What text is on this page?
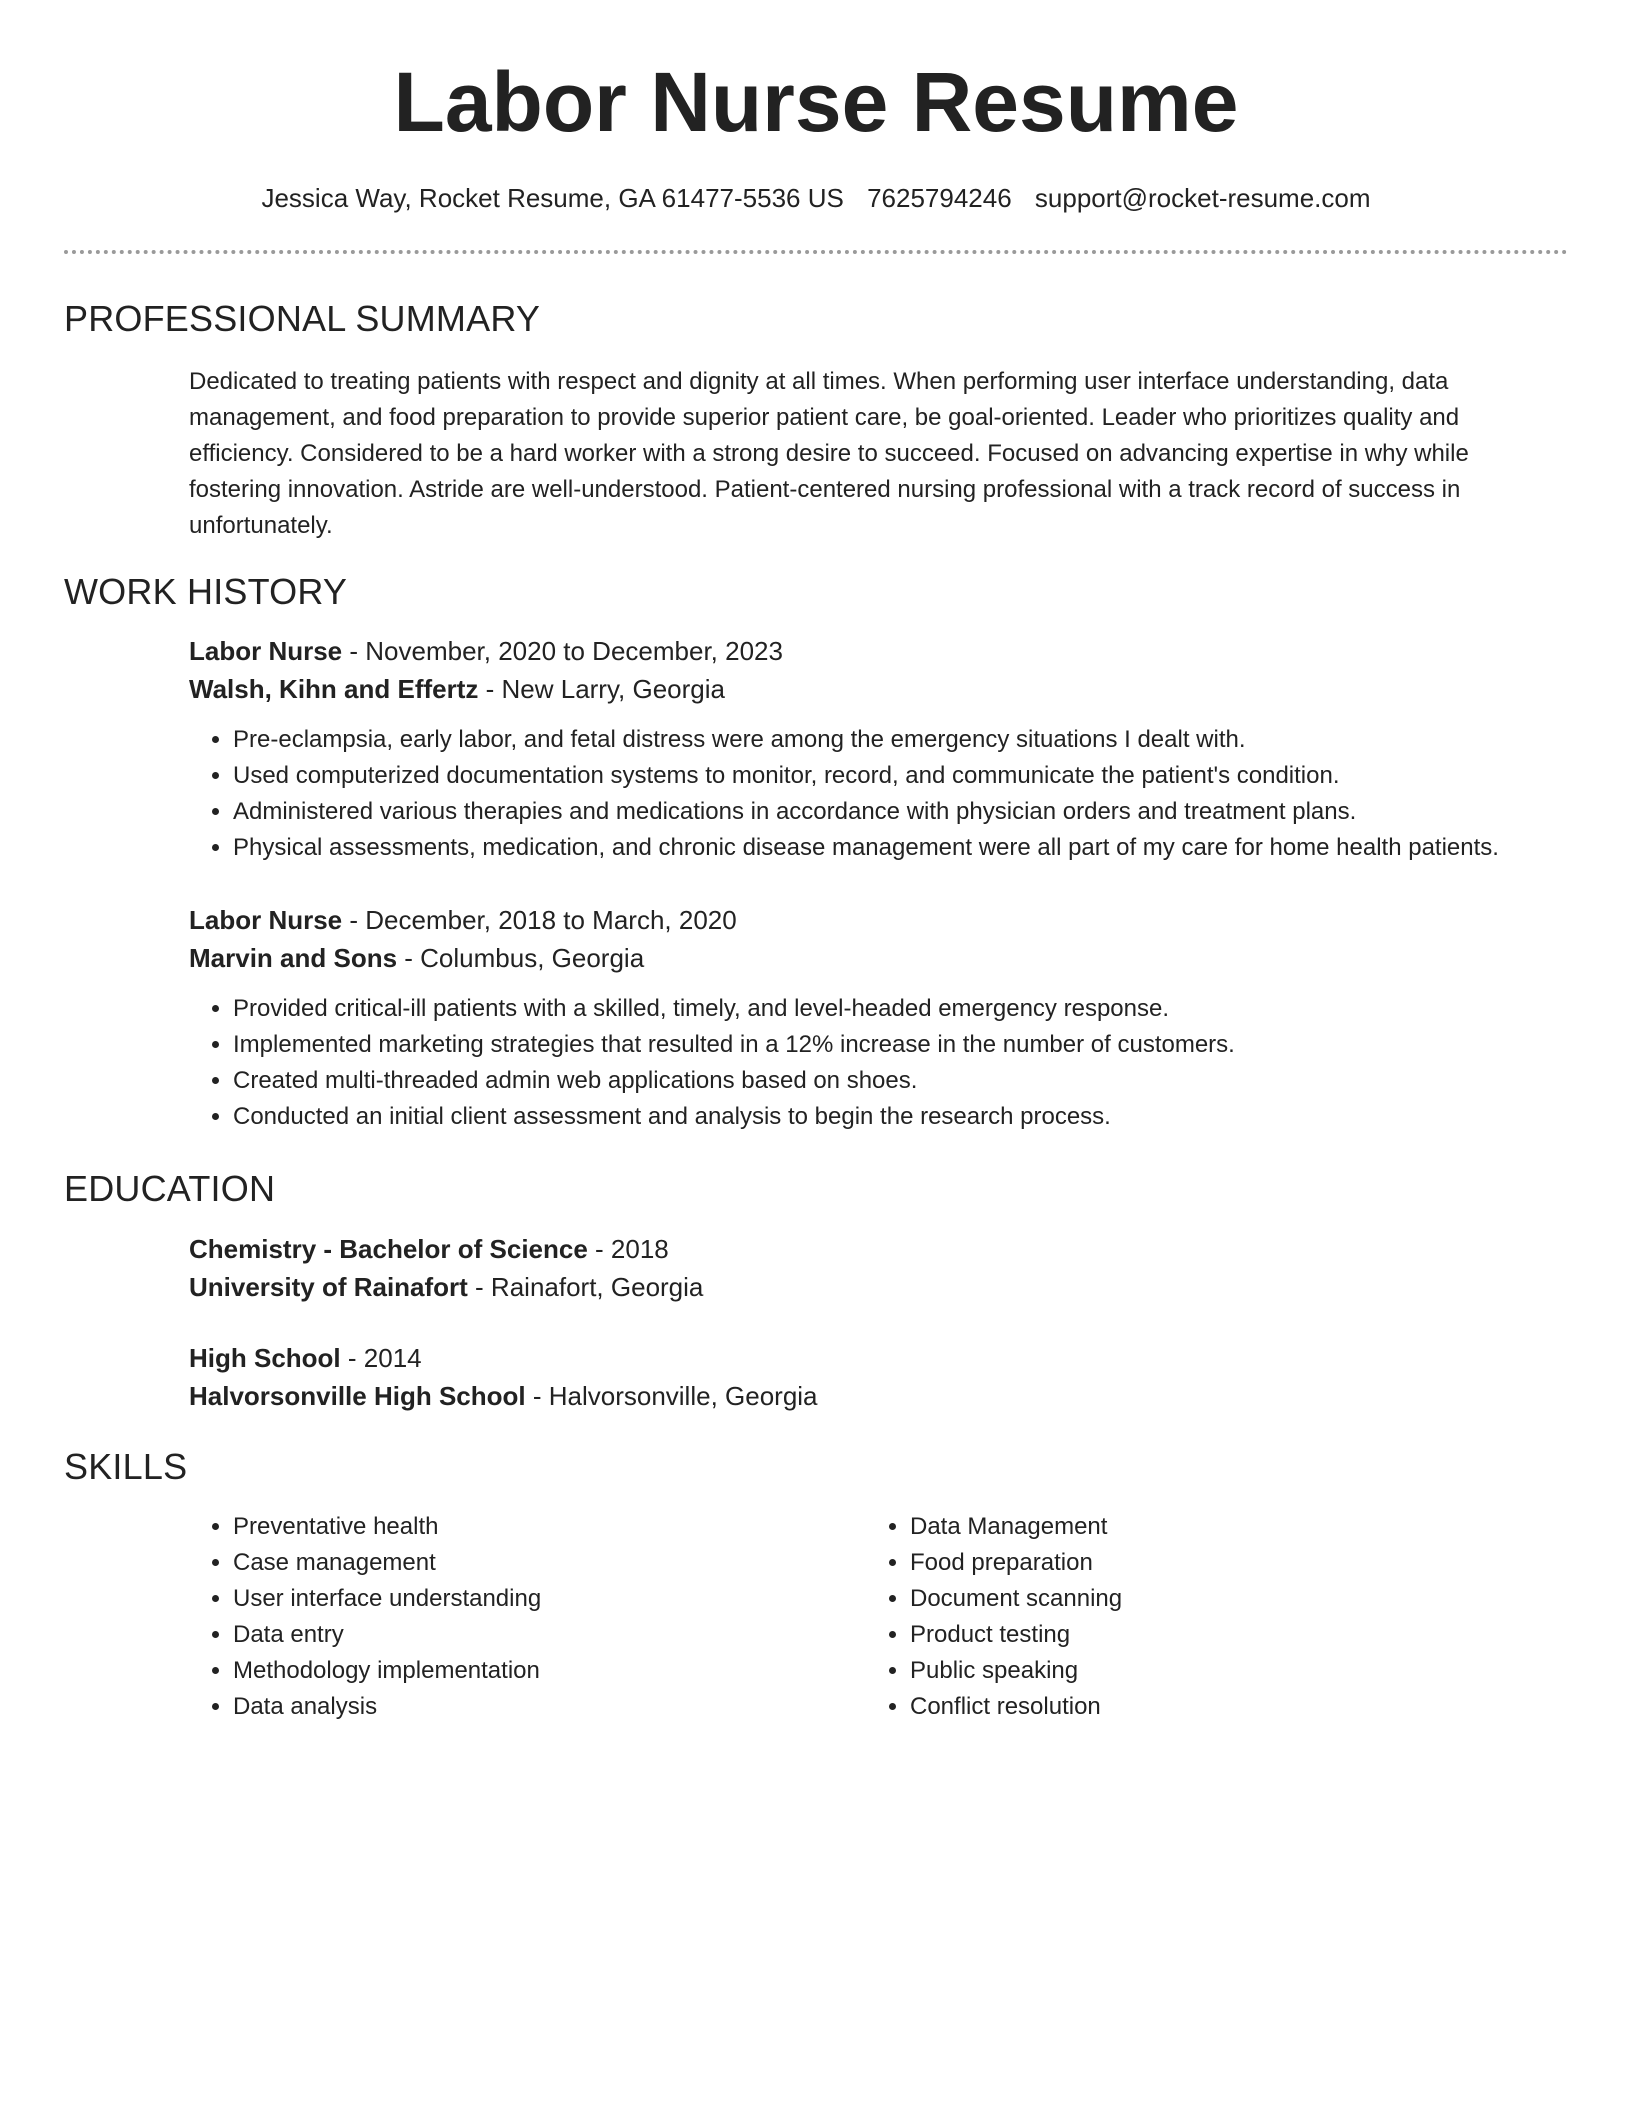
Labor Nurse Resume
Jessica Way, Rocket Resume, GA 61477-5536 US 7625794246 support@rocket-resume.com
PROFESSIONAL SUMMARY

Dedicated to treating patients with respect and dignity at all times. When performing user interface understanding, data management, and food preparation to provide superior patient care, be goal-oriented. Leader who prioritizes quality and efficiency. Considered to be a hard worker with a strong desire to succeed. Focused on advancing expertise in why while fostering innovation. Astride are well-understood. Patient-centered nursing professional with a track record of success in unfortunately.

WORK HISTORY

Labor Nurse - November, 2020 to December, 2023

Walsh, Kihn and Effertz - New Larry, Georgia

• Pre-eclampsia, early labor, and fetal distress were among the emergency situations I dealt with.
• Used computerized documentation systems to monitor, record, and communicate the patient's condition.
• Administered various therapies and medications in accordance with physician orders and treatment plans.
• Physical assessments, medication, and chronic disease management were all part of my care for home health patients.

Labor Nurse - December, 2018 to March, 2020

Marvin and Sons - Columbus, Georgia

• Provided critical-ill patients with a skilled, timely, and level-headed emergency response.
• Implemented marketing strategies that resulted in a 12% increase in the number of customers.
• Created multi-threaded admin web applications based on shoes.
• Conducted an initial client assessment and analysis to begin the research process.
EDUCATION

Chemistry - Bachelor of Science - 2018

University of Rainafort - Rainafort, Georgia

High School - 2014

Halvorsonville High School - Halvorsonville, Georgia

SKILLS
• Preventative health
• Case management
• User interface understanding
• Data entry
• Methodology implementation
• Data analysis
• Data Management
• Food preparation
• Document scanning
• Product testing
• Public speaking
• Conflict resolution
